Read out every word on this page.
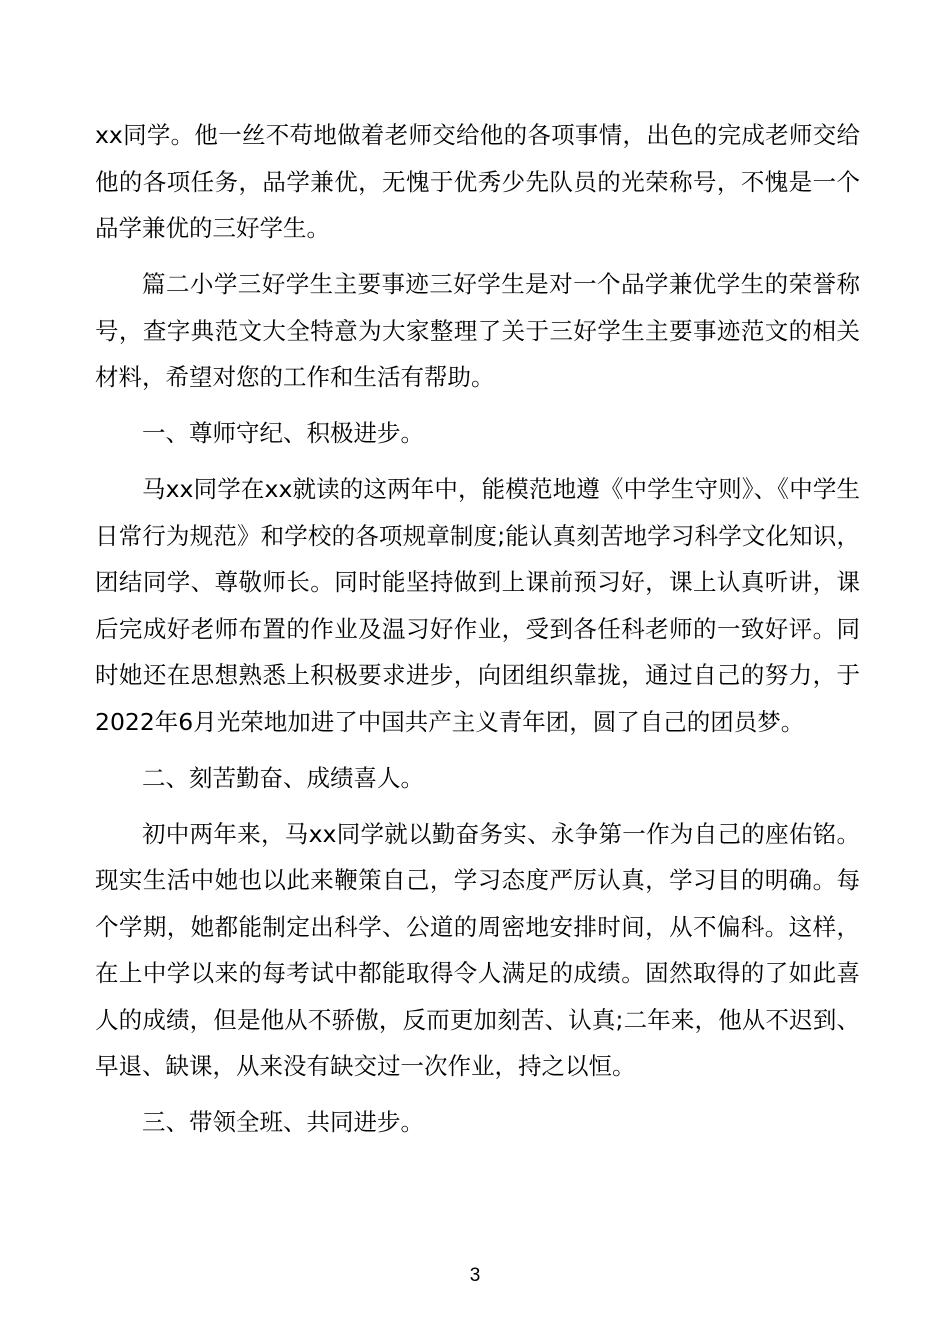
xx同学。他一丝不苟地做着老师交给他的各项事情，出色的完成老师交给他的各项任务，品学兼优，无愧于优秀少先队员的光荣称号，不愧是一个品学兼优的三好学生。

篇二小学三好学生主要事迹三好学生是对一个品学兼优学生的荣誉称号，查字典范文大全特意为大家整理了关于三好学生主要事迹范文的相关材料，希望对您的工作和生活有帮助。

一、尊师守纪、积极进步。

马xx同学在xx就读的这两年中，能模范地遵《中学生守则》、《中学生日常行为规范》和学校的各项规章制度;能认真刻苦地学习科学文化知识，团结同学、尊敬师长。同时能坚持做到上课前预习好，课上认真听讲，课后完成好老师布置的作业及温习好作业，受到各任科老师的一致好评。同时她还在思想熟悉上积极要求进步，向团组织靠拢，通过自己的努力，于2022年6月光荣地加进了中国共产主义青年团，圆了自己的团员梦。

二、刻苦勤奋、成绩喜人。

初中两年来，马xx同学就以勤奋务实、永争第一作为自己的座佑铭。现实生活中她也以此来鞭策自己，学习态度严厉认真，学习目的明确。每个学期，她都能制定出科学、公道的周密地安排时间，从不偏科。这样，在上中学以来的每考试中都能取得令人满足的成绩。固然取得的了如此喜人的成绩，但是他从不骄傲，反而更加刻苦、认真;二年来，他从不迟到、早退、缺课，从来没有缺交过一次作业，持之以恒。

三、带领全班、共同进步。

3
